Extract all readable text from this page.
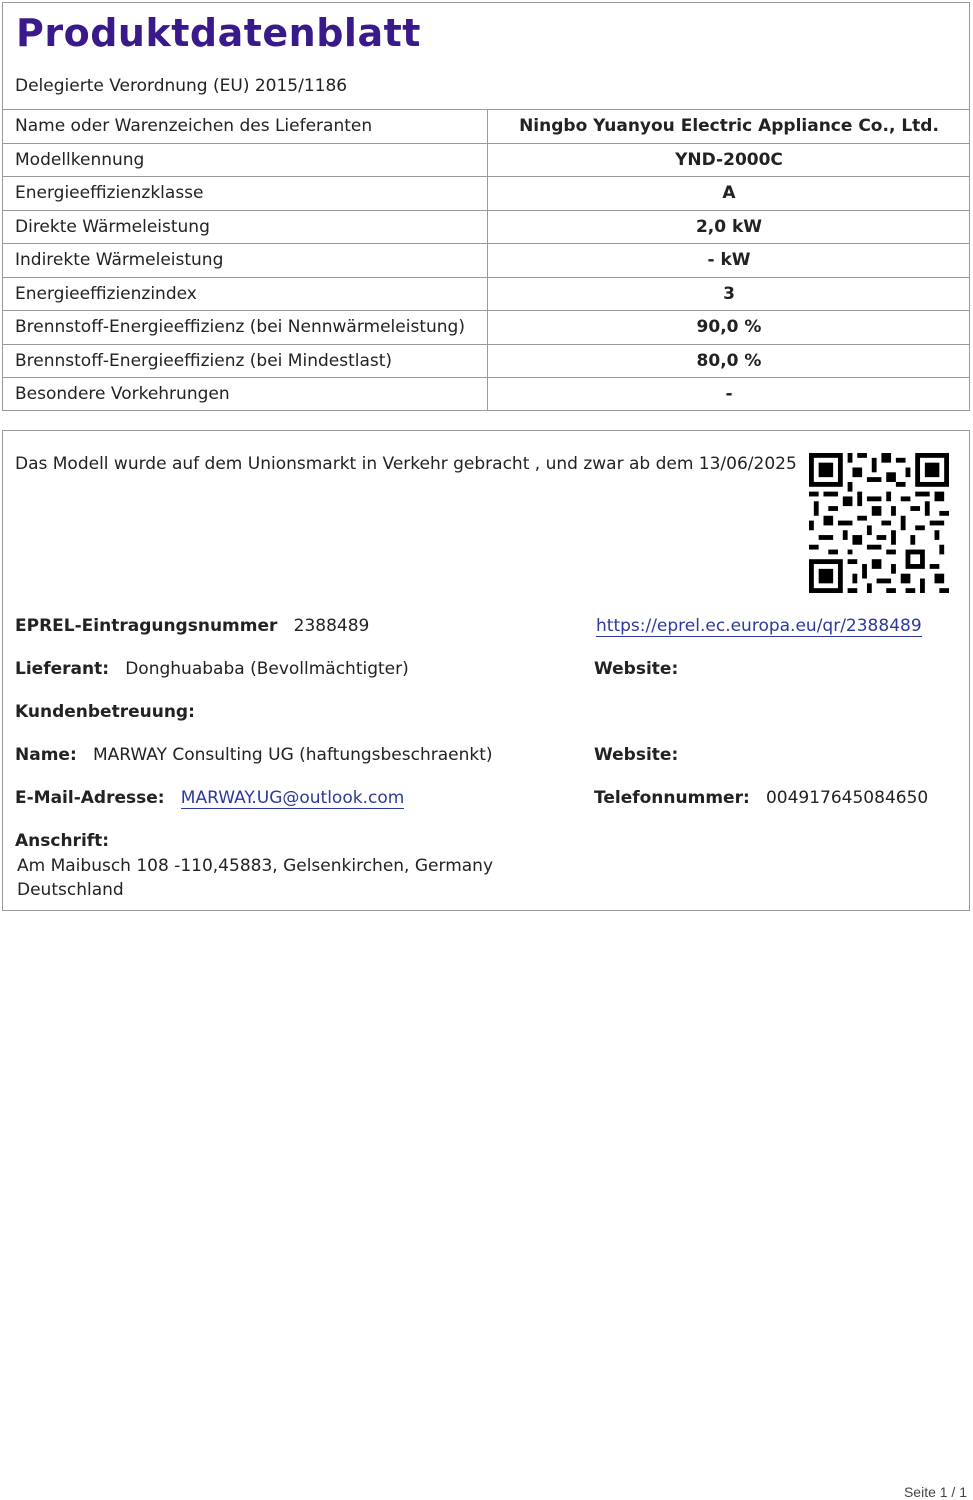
Produktdatenblatt
Delegierte Verordnung (EU) 2015/1186
Name oder Warenzeichen des Lieferanten	Ningbo Yuanyou Electric Appliance Co., Ltd.
Modellkennung	YND-2000C
Energieeffizienzklasse	A
Direkte Wärmeleistung	2,0 kW
Indirekte Wärmeleistung	- kW
Energieeffizienzindex	3
Brennstoff-Energieeffizienz (bei Nennwärmeleistung)	90,0 %
Brennstoff-Energieeffizienz (bei Mindestlast)	80,0 %
Besondere Vorkehrungen	-
Das Modell wurde auf dem Unionsmarkt in Verkehr gebracht , und zwar ab dem 13/06/2025
EPREL-Eintragungsnummer 2388489	https://eprel.ec.europa.eu/qr/2388489
Lieferant: Donghuababa (Bevollmächtigter)	Website:
Kundenbetreuung:
Name: MARWAY Consulting UG (haftungsbeschraenkt)	Website:
E-Mail-Adresse: MARWAY.UG@outlook.com	Telefonnummer: 004917645084650
Anschrift:
Am Maibusch 108 -110,45883, Gelsenkirchen, Germany
Deutschland
Seite 1 / 1
